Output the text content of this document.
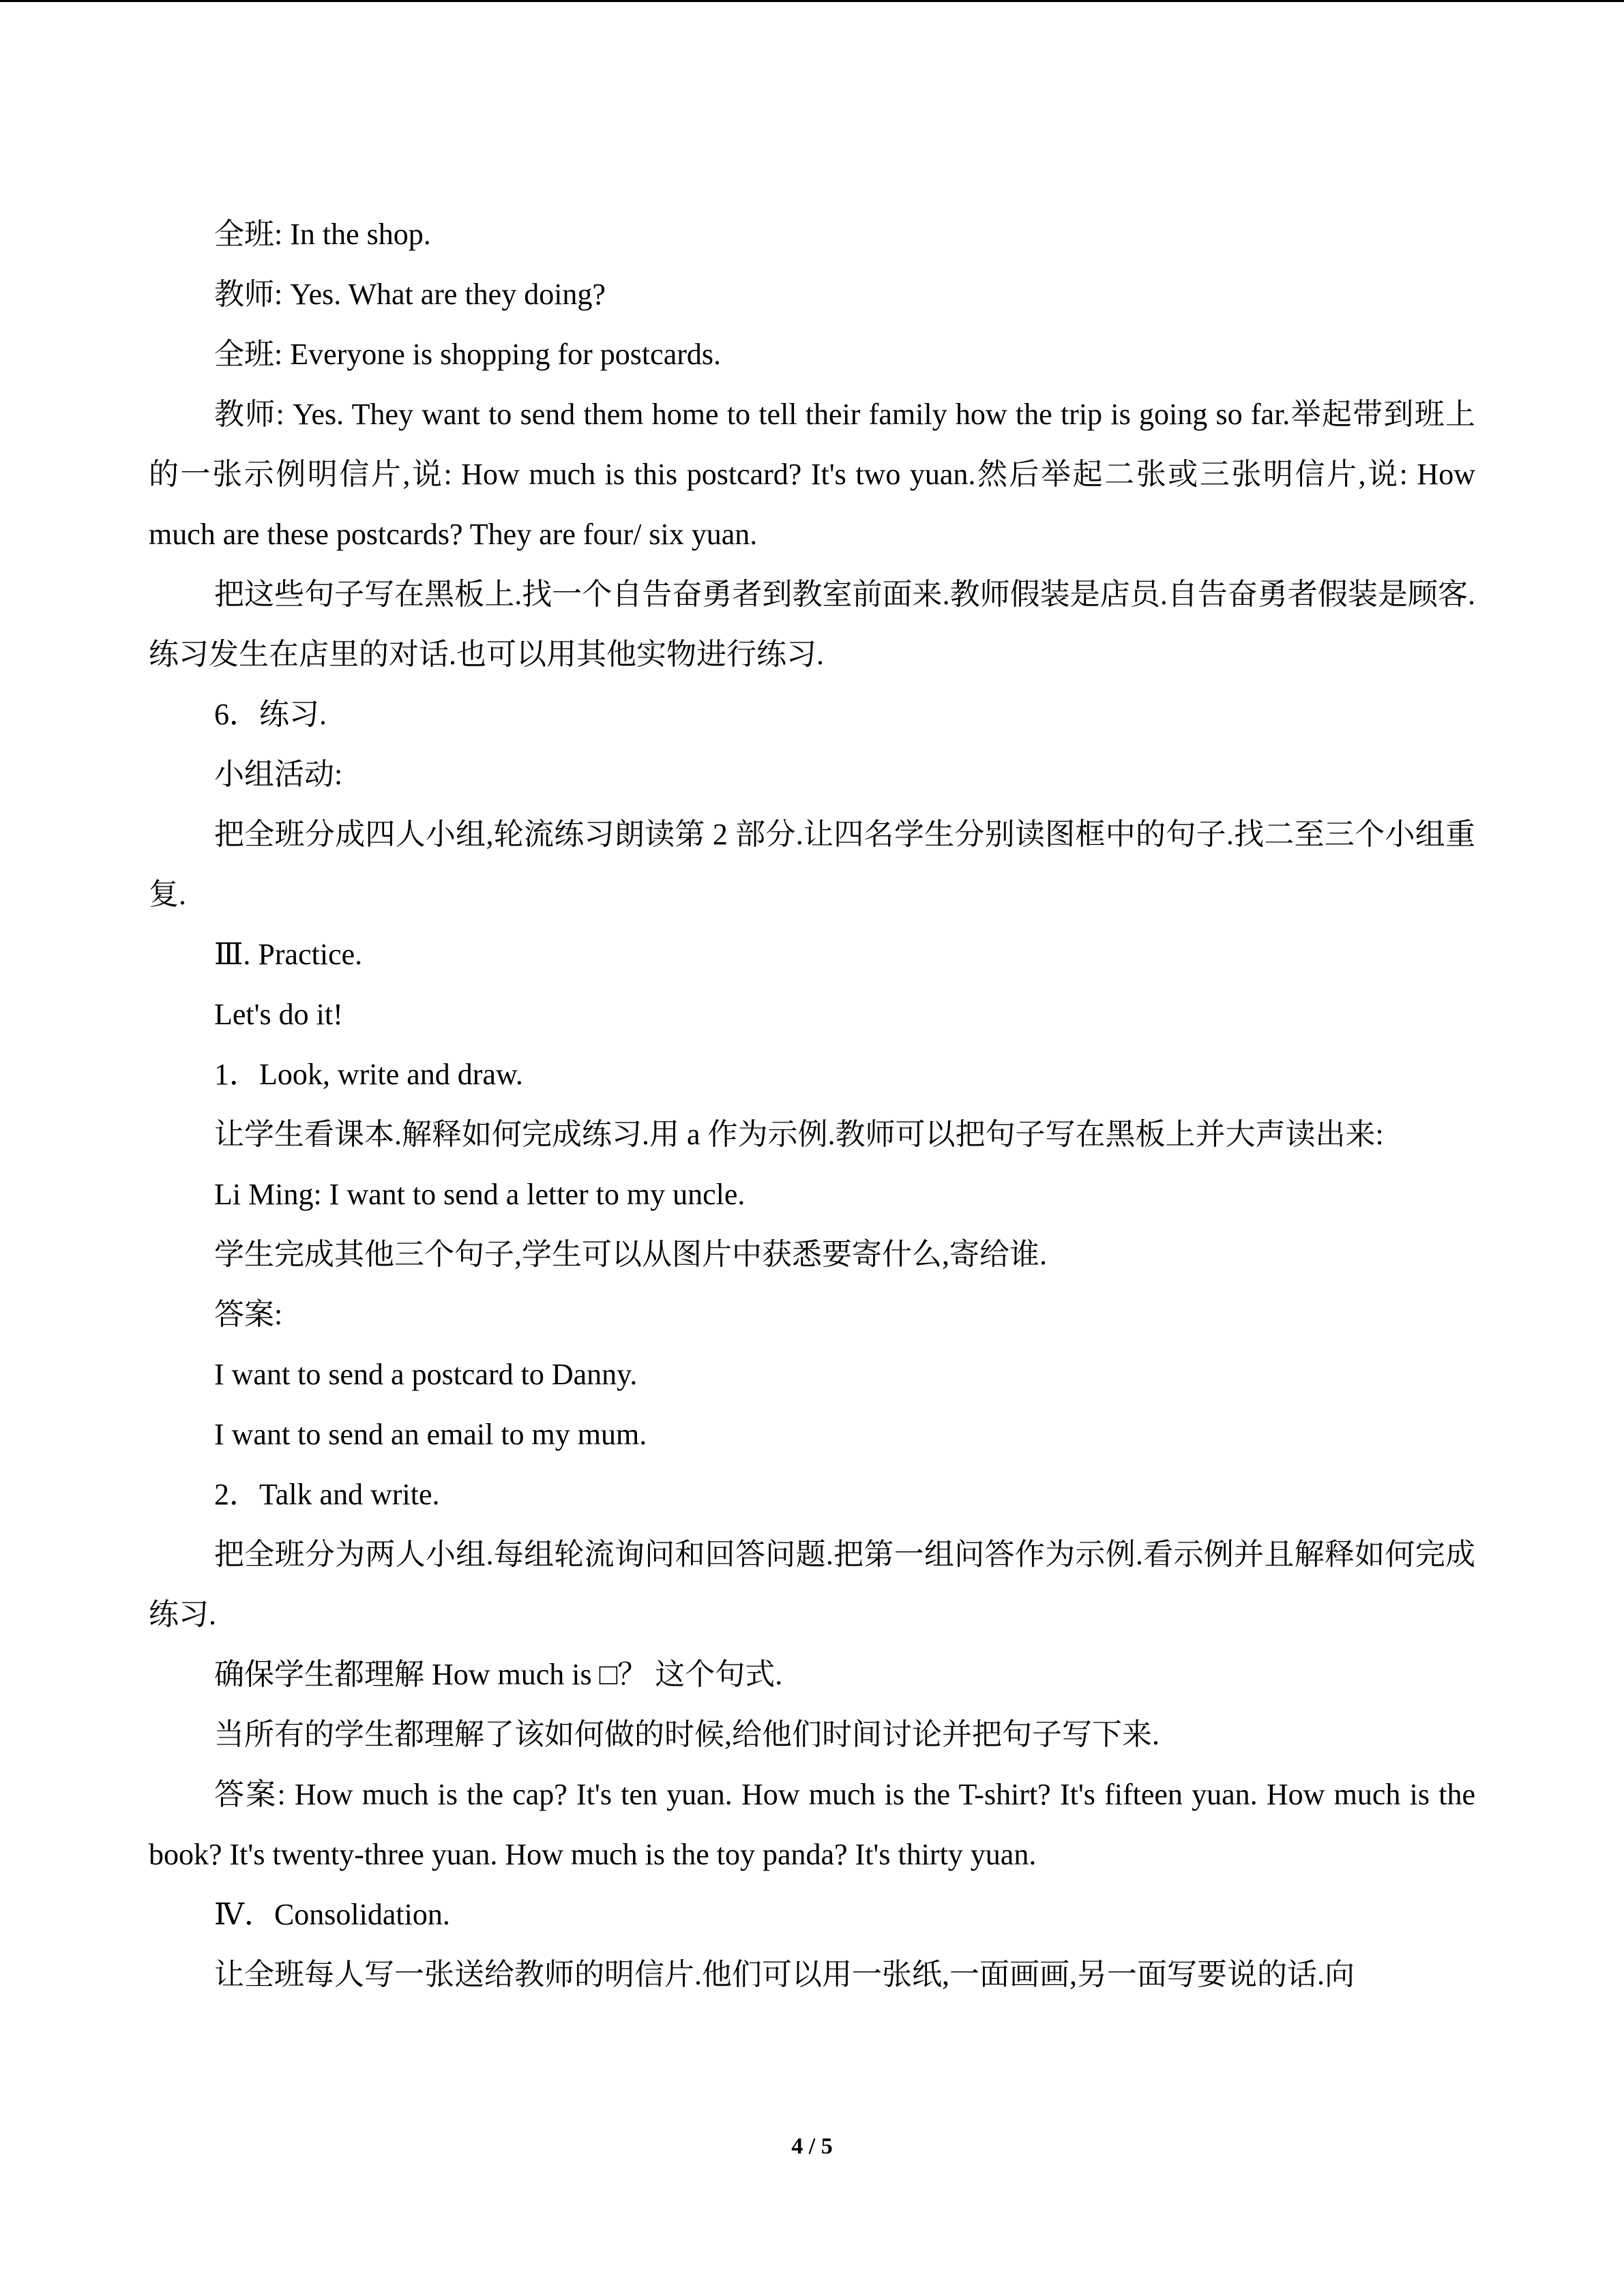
全班: In the shop.

教师: Yes. What are they doing?

全班: Everyone is shopping for postcards.

教师: Yes. They want to send them home to tell their family how the trip is going so far.举起带到班上的一张示例明信片,说: How much is this postcard? It's two yuan.然后举起二张或三张明信片,说: How much are these postcards? They are four/ six yuan.

把这些句子写在黑板上.找一个自告奋勇者到教室前面来.教师假装是店员.自告奋勇者假装是顾客.练习发生在店里的对话.也可以用其他实物进行练习.

6．练习.

小组活动:

把全班分成四人小组,轮流练习朗读第 2 部分.让四名学生分别读图框中的句子.找二至三个小组重复.

Ⅲ. Practice.

Let's do it!

1．Look, write and draw.

让学生看课本.解释如何完成练习.用 a 作为示例.教师可以把句子写在黑板上并大声读出来:

Li Ming: I want to send a letter to my uncle.

学生完成其他三个句子,学生可以从图片中获悉要寄什么,寄给谁.

答案:

I want to send a postcard to Danny.

I want to send an email to my mum.

2．Talk and write.

把全班分为两人小组.每组轮流询问和回答问题.把第一组问答作为示例.看示例并且解释如何完成练习.

确保学生都理解 How much is □？ 这个句式.

当所有的学生都理解了该如何做的时候,给他们时间讨论并把句子写下来.

答案: How much is the cap? It's ten yuan. How much is the T-shirt? It's fifteen yuan. How much is the book? It's twenty-three yuan. How much is the toy panda? It's thirty yuan.

Ⅳ．Consolidation.

让全班每人写一张送给教师的明信片.他们可以用一张纸,一面画画,另一面写要说的话.向

4 / 5
